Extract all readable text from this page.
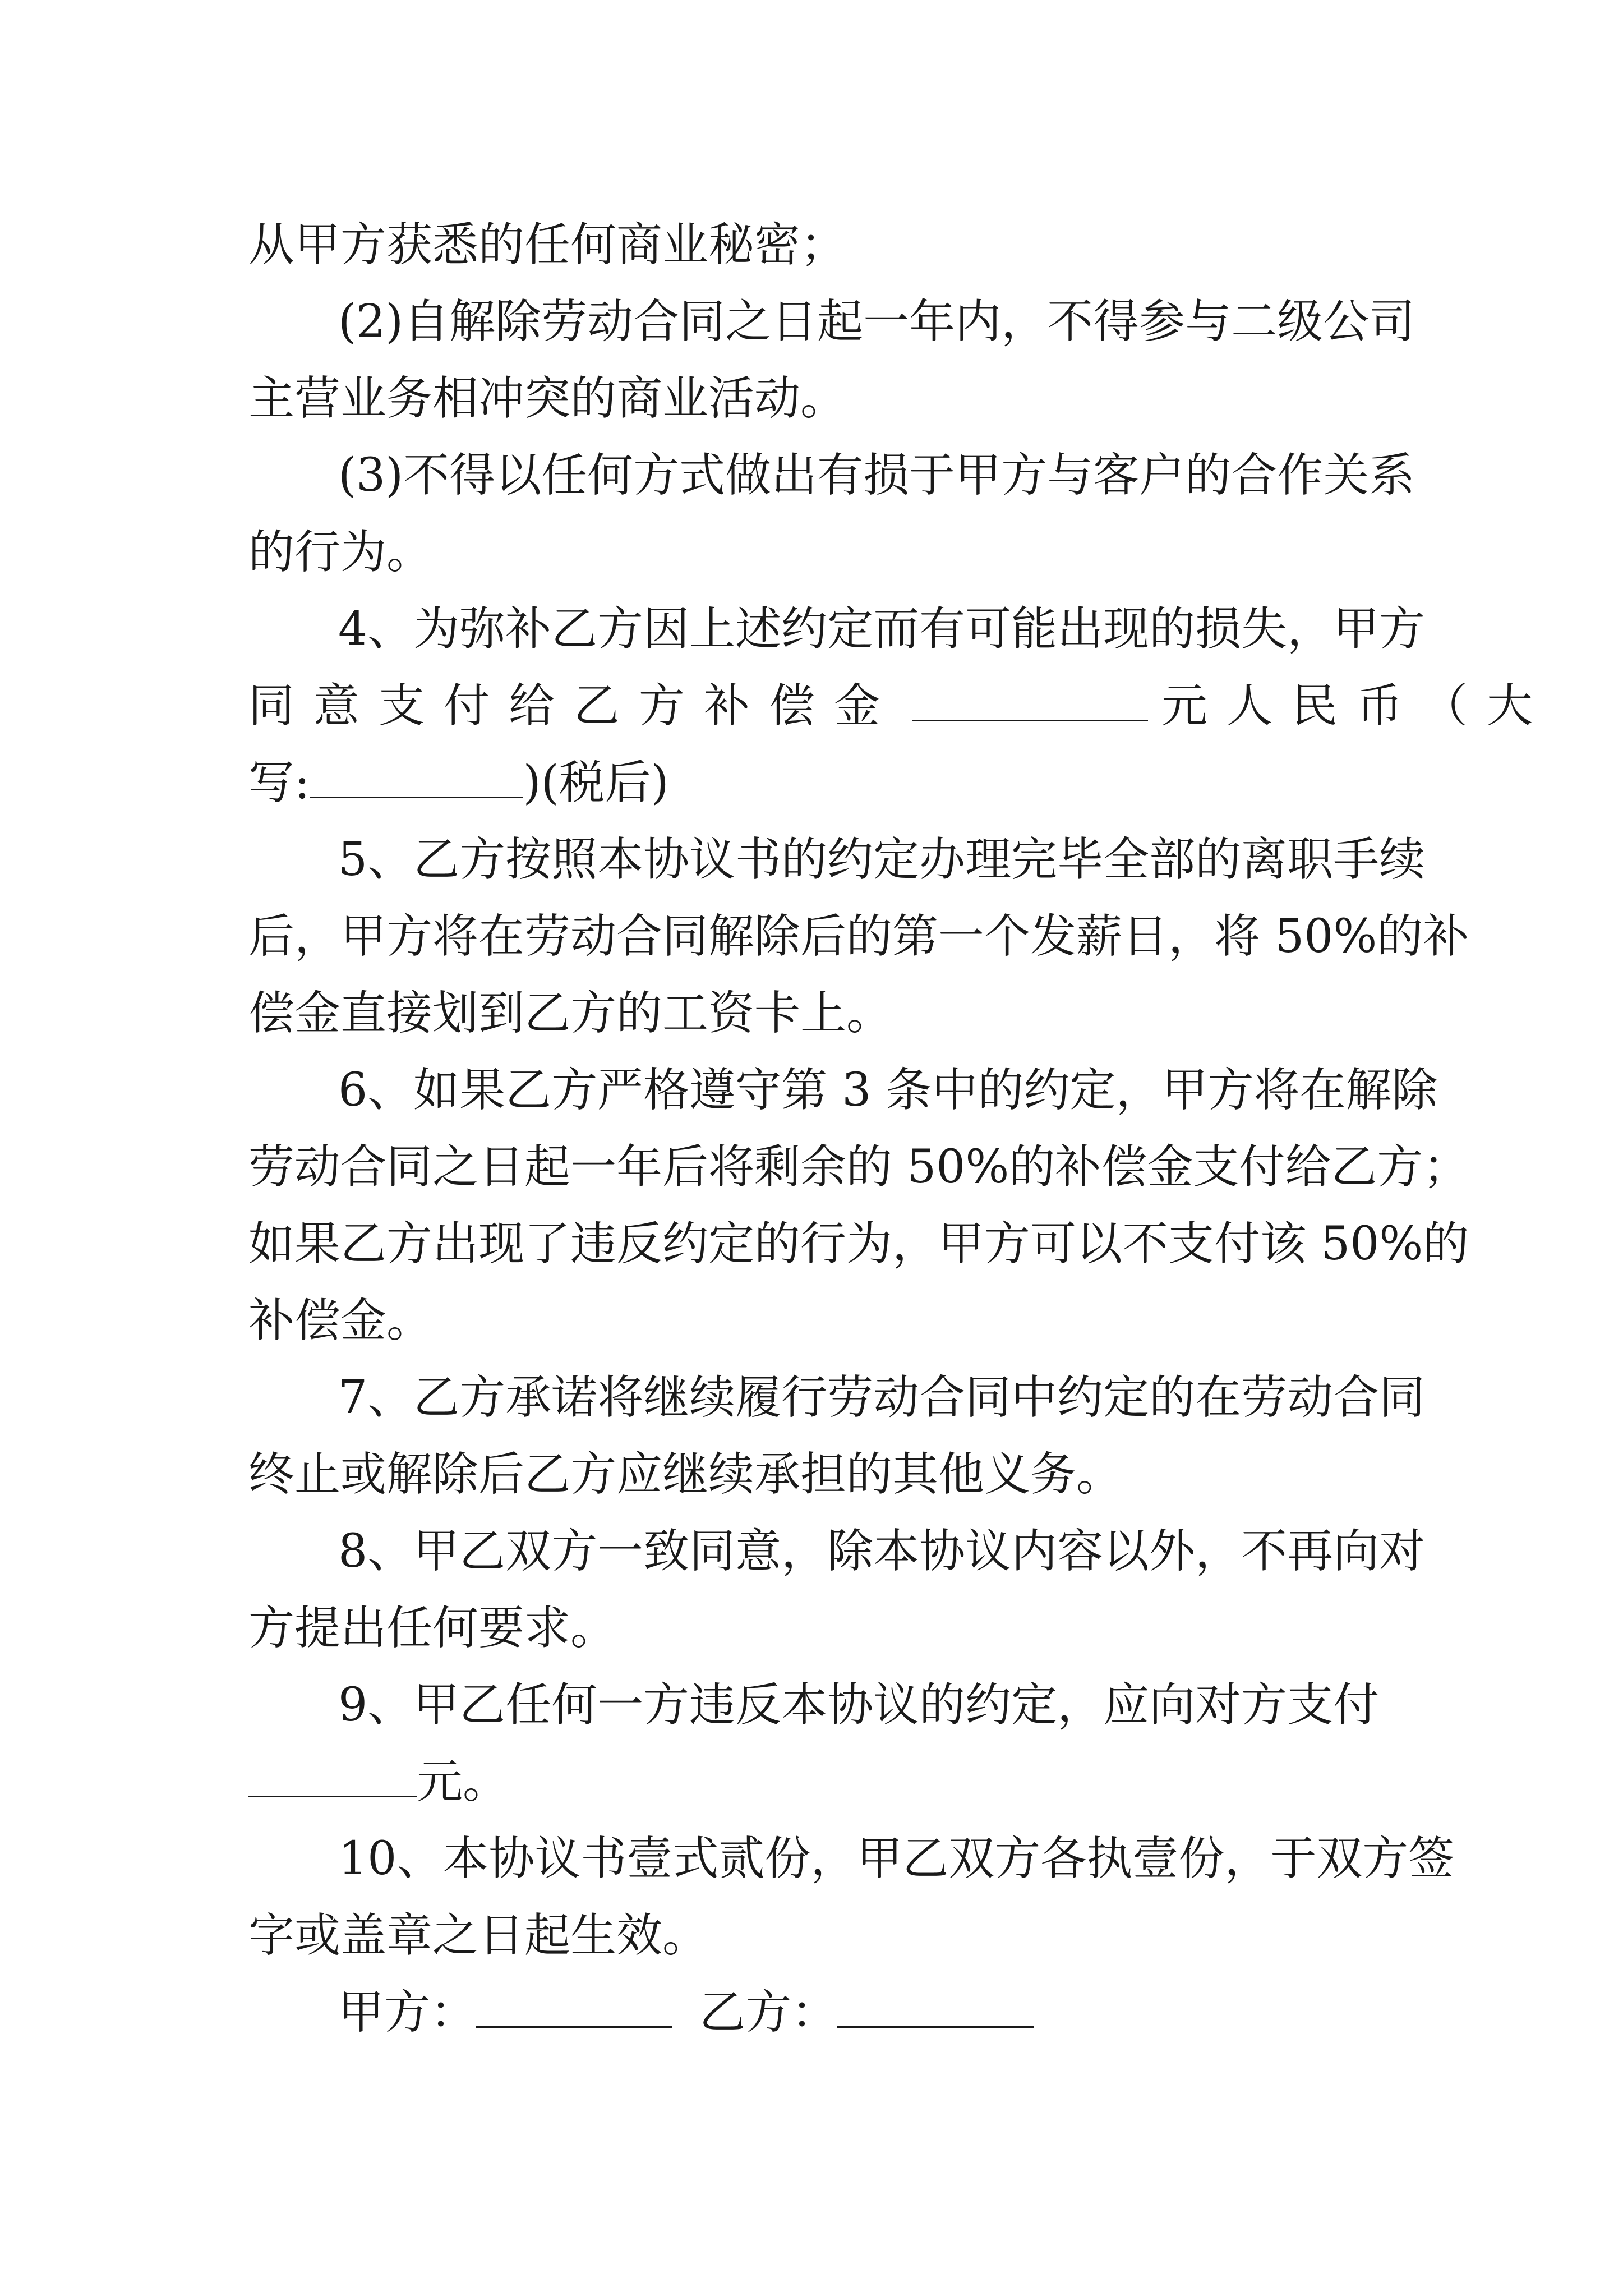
从甲方获悉的任何商业秘密；
(2)自解除劳动合同之日起一年内，不得参与二级公司
主营业务相冲突的商业活动。
(3)不得以任何方式做出有损于甲方与客户的合作关系
的行为。
4、为弥补乙方因上述约定而有可能出现的损失，甲方
同意支付给乙方补偿金	元人民币（大
写:	)(税后)
5、乙方按照本协议书的约定办理完毕全部的离职手续
后，甲方将在劳动合同解除后的第一个发薪日，将 50%的补
偿金直接划到乙方的工资卡上。
6、如果乙方严格遵守第 3 条中的约定，甲方将在解除
劳动合同之日起一年后将剩余的 50%的补偿金支付给乙方；
如果乙方出现了违反约定的行为，甲方可以不支付该 50%的
补偿金。
7、乙方承诺将继续履行劳动合同中约定的在劳动合同
终止或解除后乙方应继续承担的其他义务。
8、甲乙双方一致同意，除本协议内容以外，不再向对
方提出任何要求。
9、甲乙任何一方违反本协议的约定，应向对方支付
元。
10、本协议书壹式贰份，甲乙双方各执壹份，于双方签
字或盖章之日起生效。
甲方：	乙方：
